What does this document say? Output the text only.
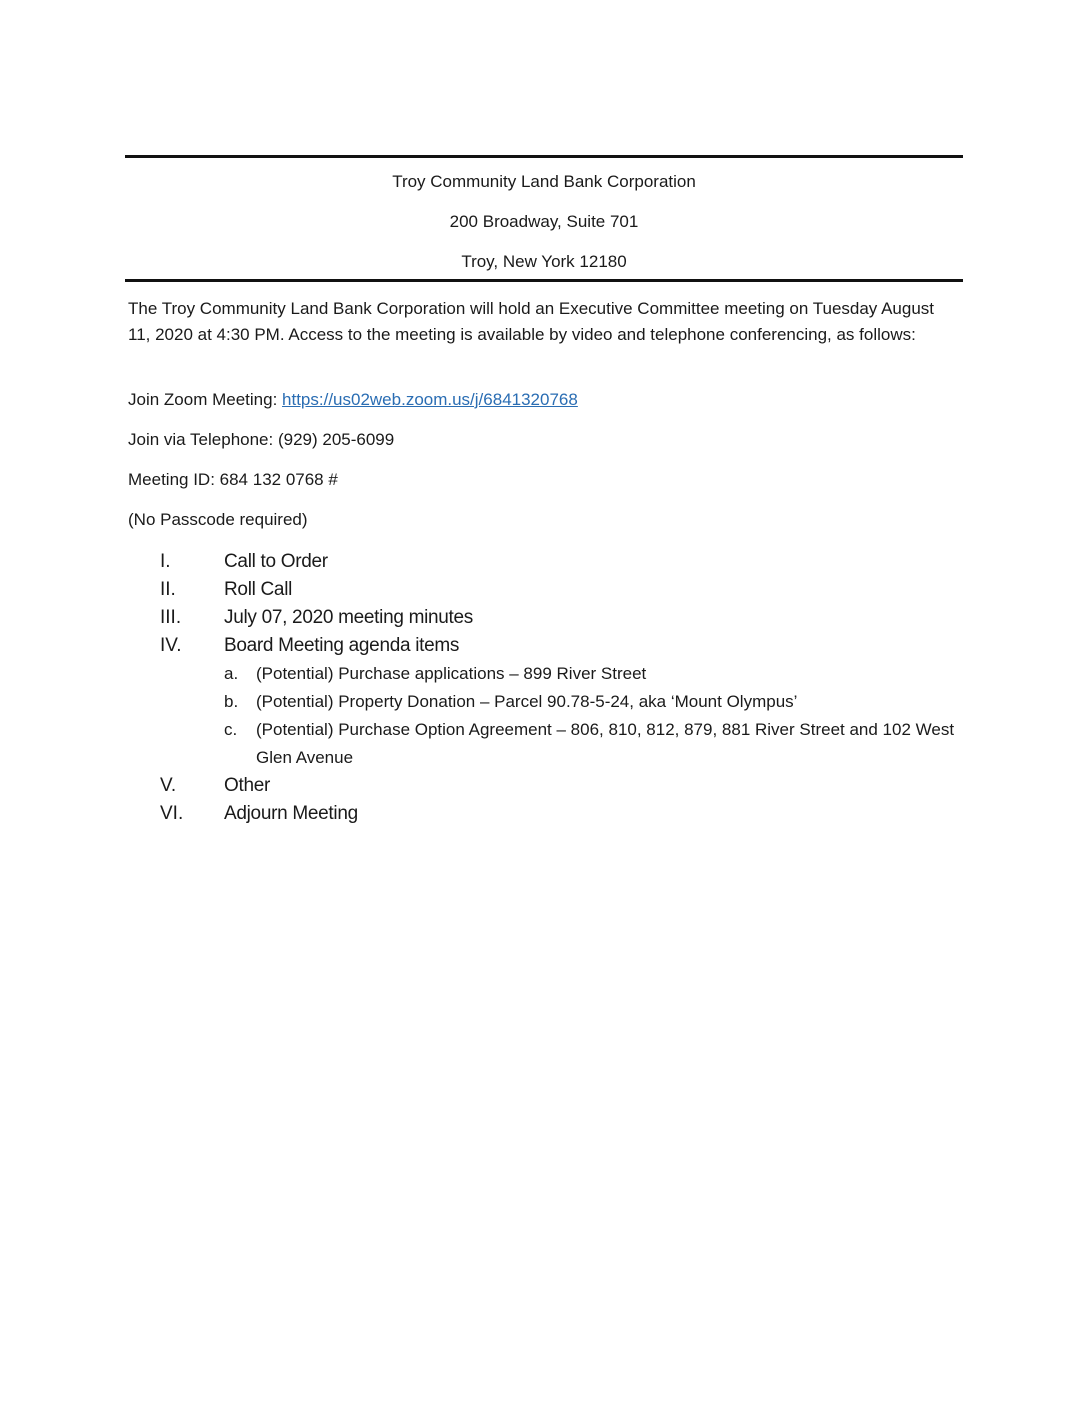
Troy Community Land Bank Corporation
200 Broadway, Suite 701
Troy, New York 12180
The Troy Community Land Bank Corporation will hold an Executive Committee meeting on Tuesday August 11, 2020 at 4:30 PM. Access to the meeting is available by video and telephone conferencing, as follows:
Join Zoom Meeting: https://us02web.zoom.us/j/6841320768
Join via Telephone: (929) 205-6099
Meeting ID: 684 132 0768 #
(No Passcode required)
I.	Call to Order
II.	Roll Call
III. July 07, 2020 meeting minutes
IV. Board Meeting agenda items
a. (Potential) Purchase applications – 899 River Street
b. (Potential) Property Donation – Parcel 90.78-5-24, aka ‘Mount Olympus’
c. (Potential) Purchase Option Agreement – 806, 810, 812, 879, 881 River Street and 102 West Glen Avenue
V.	Other
VI. Adjourn Meeting
